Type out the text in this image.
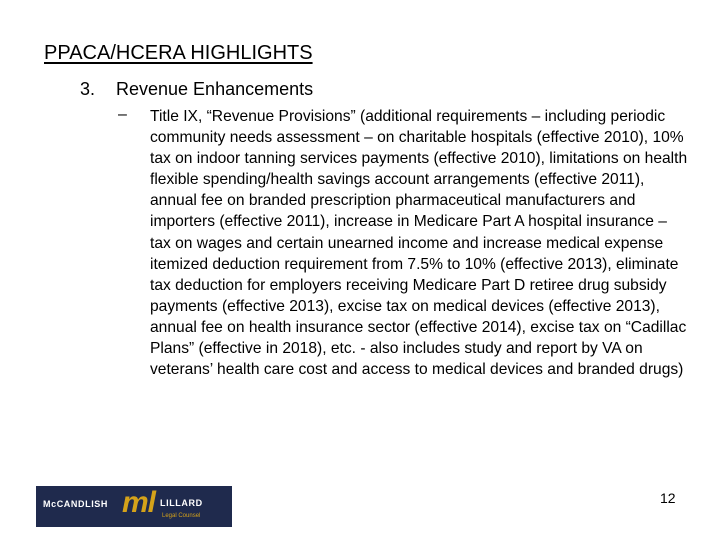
PPACA/HCERA HIGHLIGHTS
3. Revenue Enhancements
– Title IX, “Revenue Provisions” (additional requirements – including periodic community needs assessment – on charitable hospitals (effective 2010), 10% tax on indoor tanning services payments (effective 2010), limitations on health flexible spending/health savings account arrangements (effective 2011), annual fee on branded prescription pharmaceutical manufacturers and importers (effective 2011), increase in Medicare Part A hospital insurance – tax on wages and certain unearned income and increase medical expense itemized deduction requirement from 7.5% to 10% (effective 2013), eliminate tax deduction for employers receiving Medicare Part D retiree drug subsidy payments (effective 2013), excise tax on medical devices (effective 2013), annual fee on health insurance sector (effective 2014), excise tax on “Cadillac Plans” (effective in 2018), etc. - also includes study and report by VA on veterans’ health care cost and access to medical devices and branded drugs)

McCANDLISH ml LILLARD
Legal Counsel
12
